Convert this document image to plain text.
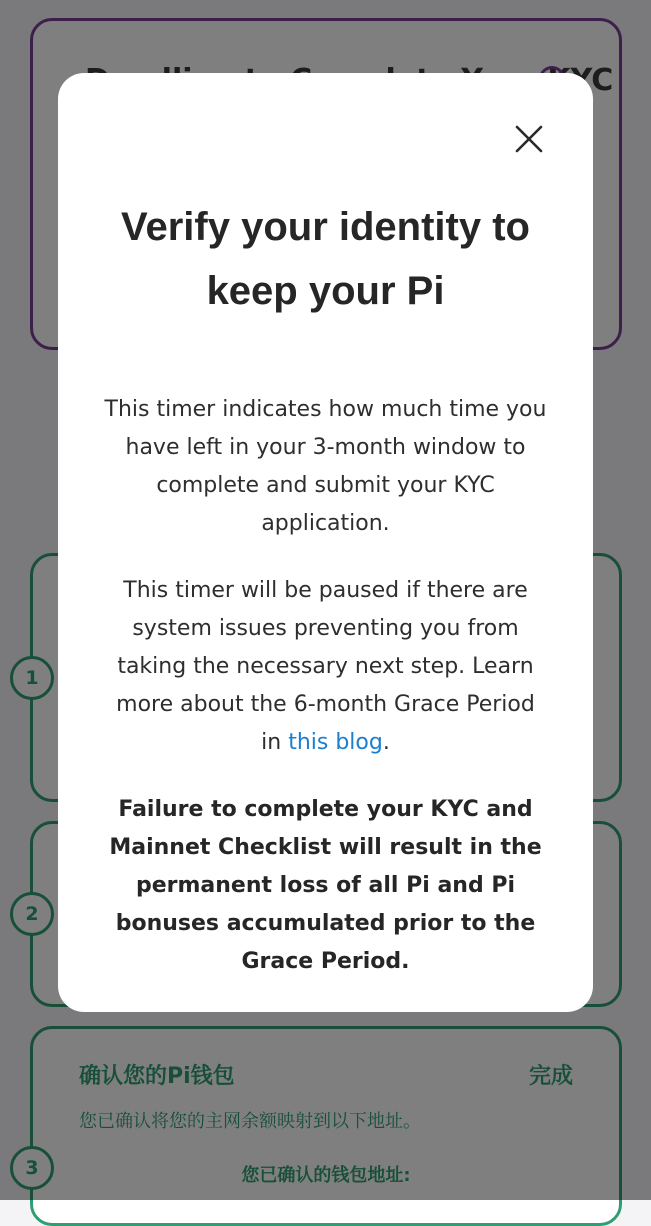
Verify your identity to keep your Pi

This timer indicates how much time you have left in your 3-month window to complete and submit your KYC application.

This timer will be paused if there are system issues preventing you from taking the necessary next step. Learn more about the 6-month Grace Period in this blog.

Failure to complete your KYC and Mainnet Checklist will result in the permanent loss of all Pi and Pi bonuses accumulated prior to the Grace Period.
